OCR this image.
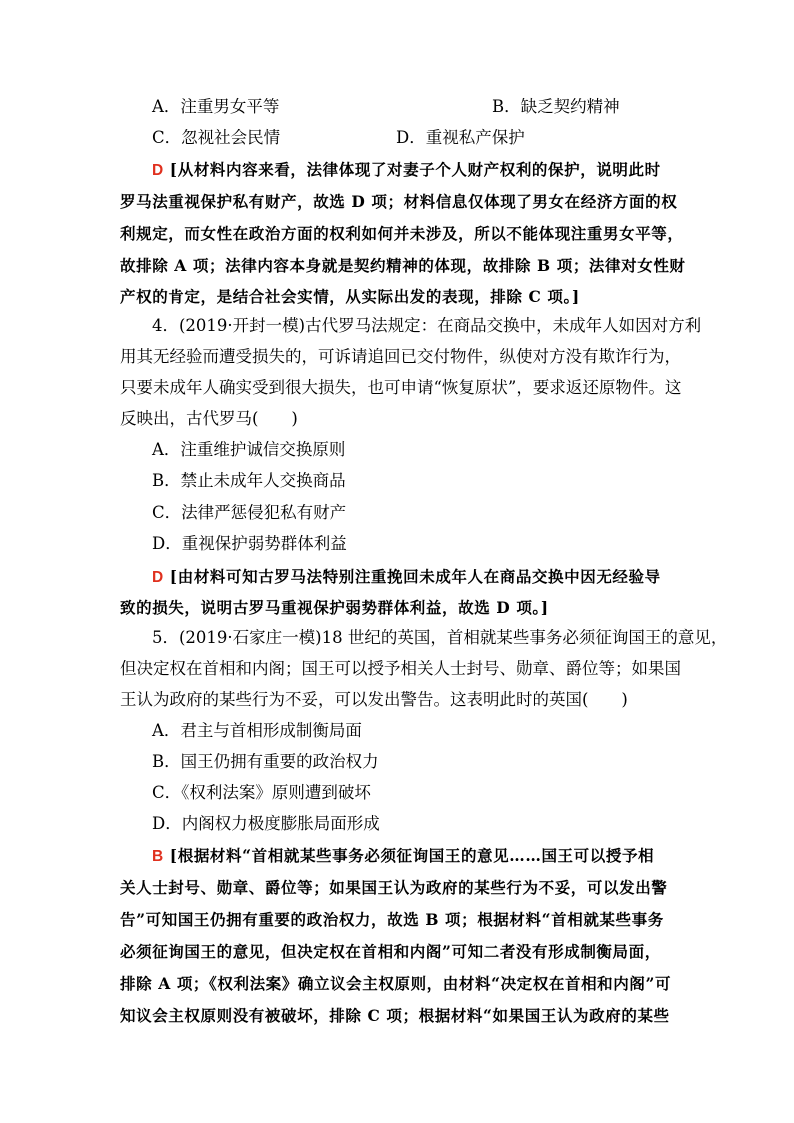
A．注重男女平等	B．缺乏契约精神
C．忽视社会民情	D．重视私产保护
D [从材料内容来看，法律体现了对妻子个人财产权利的保护，说明此时
罗马法重视保护私有财产，故选 D 项；材料信息仅体现了男女在经济方面的权
利规定，而女性在政治方面的权利如何并未涉及，所以不能体现注重男女平等，
故排除 A 项；法律内容本身就是契约精神的体现，故排除 B 项；法律对女性财
产权的肯定，是结合社会实情，从实际出发的表现，排除 C 项。]
4．(2019·开封一模)古代罗马法规定：在商品交换中，未成年人如因对方利
用其无经验而遭受损失的，可诉请追回已交付物件，纵使对方没有欺诈行为，
只要未成年人确实受到很大损失，也可申请“恢复原状”，要求返还原物件。这
反映出，古代罗马(　　)
A．注重维护诚信交换原则
B．禁止未成年人交换商品
C．法律严惩侵犯私有财产
D．重视保护弱势群体利益
D [由材料可知古罗马法特别注重挽回未成年人在商品交换中因无经验导
致的损失，说明古罗马重视保护弱势群体利益，故选 D 项。]
5．(2019·石家庄一模)18 世纪的英国，首相就某些事务必须征询国王的意见，
但决定权在首相和内阁；国王可以授予相关人士封号、勋章、爵位等；如果国
王认为政府的某些行为不妥，可以发出警告。这表明此时的英国(　　)
A．君主与首相形成制衡局面
B．国王仍拥有重要的政治权力
C．《权利法案》原则遭到破坏
D．内阁权力极度膨胀局面形成
B [根据材料“首相就某些事务必须征询国王的意见……国王可以授予相
关人士封号、勋章、爵位等；如果国王认为政府的某些行为不妥，可以发出警
告”可知国王仍拥有重要的政治权力，故选 B 项；根据材料“首相就某些事务
必须征询国王的意见，但决定权在首相和内阁”可知二者没有形成制衡局面，
排除 A 项；《权利法案》确立议会主权原则，由材料“决定权在首相和内阁”可
知议会主权原则没有被破坏，排除 C 项；根据材料“如果国王认为政府的某些
